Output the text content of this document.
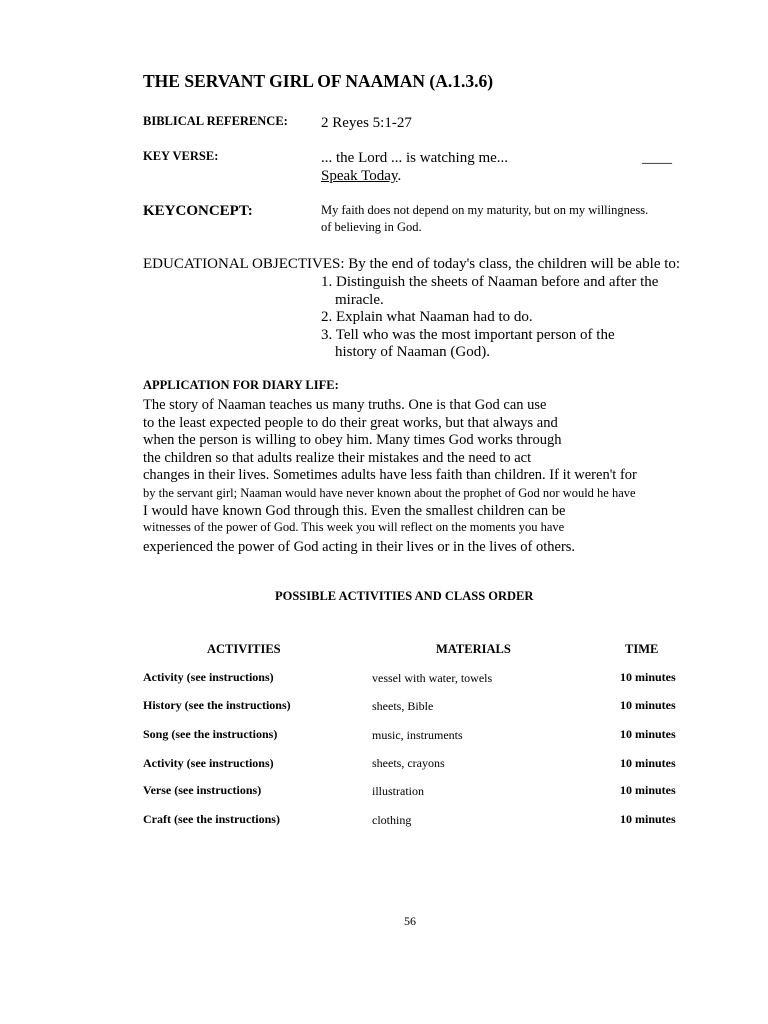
THE SERVANT GIRL OF NAAMAN (A.1.3.6)
BIBLICAL REFERENCE: 2 Reyes 5:1-27
KEY VERSE:	... the Lord ... is watching me...	____
Speak Today.
KEYCONCEPT:	My faith does not depend on my maturity, but on my willingness.
of believing in God.
EDUCATIONAL OBJECTIVES: By the end of today's class, the children will be able to:
1. Distinguish the sheets of Naaman before and after the
miracle.
2. Explain what Naaman had to do.
3. Tell who was the most important person of the
history of Naaman (God).
APPLICATION FOR DIARY LIFE:
The story of Naaman teaches us many truths. One is that God can use
to the least expected people to do their great works, but that always and
when the person is willing to obey him. Many times God works through
the children so that adults realize their mistakes and the need to act
changes in their lives. Sometimes adults have less faith than children. If it weren't for
by the servant girl; Naaman would have never known about the prophet of God nor would he have
I would have known God through this. Even the smallest children can be
witnesses of the power of God. This week you will reflect on the moments you have
experienced the power of God acting in their lives or in the lives of others.
POSSIBLE ACTIVITIES AND CLASS ORDER
ACTIVITIES	MATERIALS	TIME
Activity (see instructions)	vessel with water, towels	10 minutes
History (see the instructions)	sheets, Bible	10 minutes
Song (see the instructions)	music, instruments	10 minutes
Activity (see instructions)	sheets, crayons	10 minutes
Verse (see instructions)	illustration	10 minutes
Craft (see the instructions)	clothing	10 minutes
56
